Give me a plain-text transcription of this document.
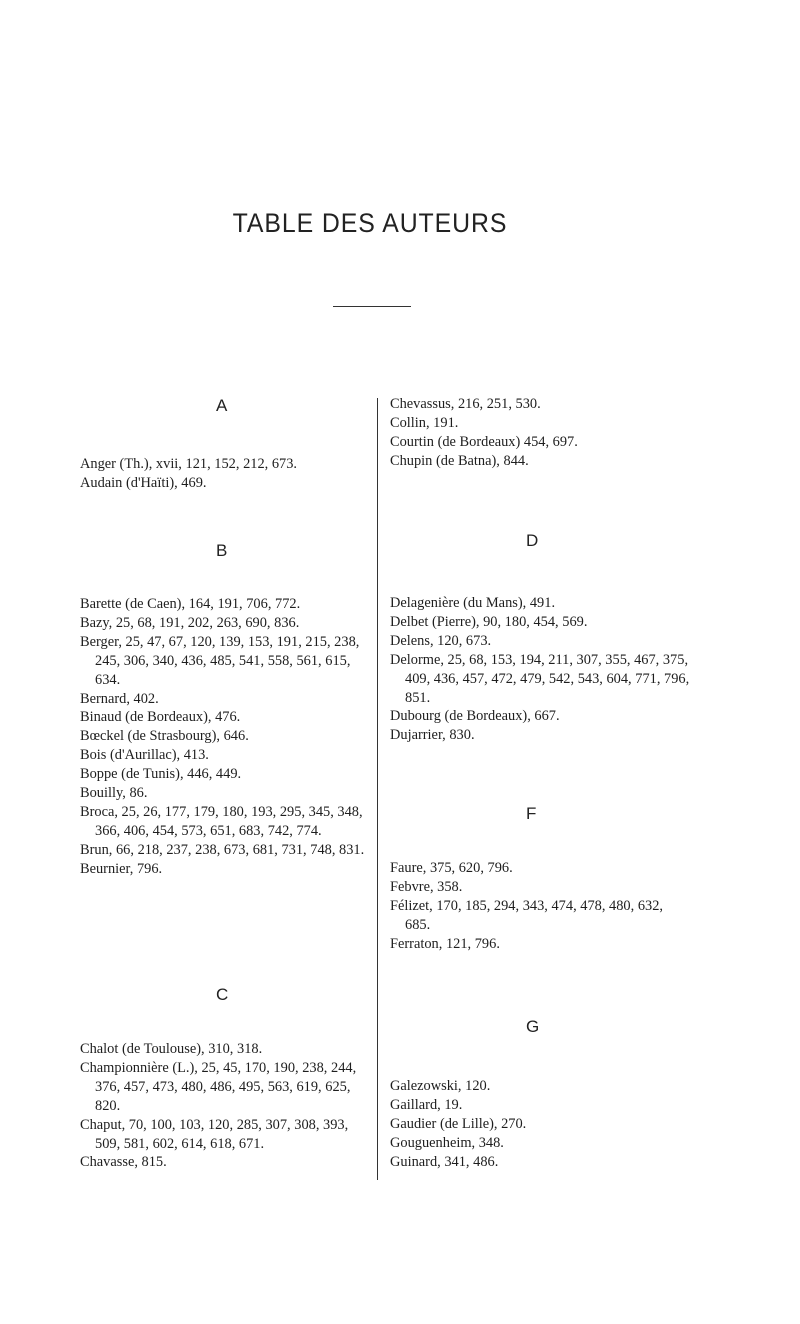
TABLE DES AUTEURS
A
Anger (Th.), xvii, 121, 152, 212, 673.
Audain (d'Haïti), 469.
B
Barette (de Caen), 164, 191, 706, 772.
Bazy, 25, 68, 191, 202, 263, 690, 836.
Berger, 25, 47, 67, 120, 139, 153, 191, 215, 238, 245, 306, 340, 436, 485, 541, 558, 561, 615, 634.
Bernard, 402.
Binaud (de Bordeaux), 476.
Bœckel (de Strasbourg), 646.
Bois (d'Aurillac), 413.
Boppe (de Tunis), 446, 449.
Bouilly, 86.
Broca, 25, 26, 177, 179, 180, 193, 295, 345, 348, 366, 406, 454, 573, 651, 683, 742, 774.
Brun, 66, 218, 237, 238, 673, 681, 731, 748, 831.
Beurnier, 796.
C
Chalot (de Toulouse), 310, 318.
Championnière (L.), 25, 45, 170, 190, 238, 244, 376, 457, 473, 480, 486, 495, 563, 619, 625, 820.
Chaput, 70, 100, 103, 120, 285, 307, 308, 393, 509, 581, 602, 614, 618, 671.
Chavasse, 815.
Chevassus, 216, 251, 530.
Collin, 191.
Courtin (de Bordeaux) 454, 697.
Chupin (de Batna), 844.
D
Delagenière (du Mans), 491.
Delbet (Pierre), 90, 180, 454, 569.
Delens, 120, 673.
Delorme, 25, 68, 153, 194, 211, 307, 355, 467, 375, 409, 436, 457, 472, 479, 542, 543, 604, 771, 796, 851.
Dubourg (de Bordeaux), 667.
Dujarrier, 830.
F
Faure, 375, 620, 796.
Febvre, 358.
Félizet, 170, 185, 294, 343, 474, 478, 480, 632, 685.
Ferraton, 121, 796.
G
Galezowski, 120.
Gaillard, 19.
Gaudier (de Lille), 270.
Gouguenheim, 348.
Guinard, 341, 486.
